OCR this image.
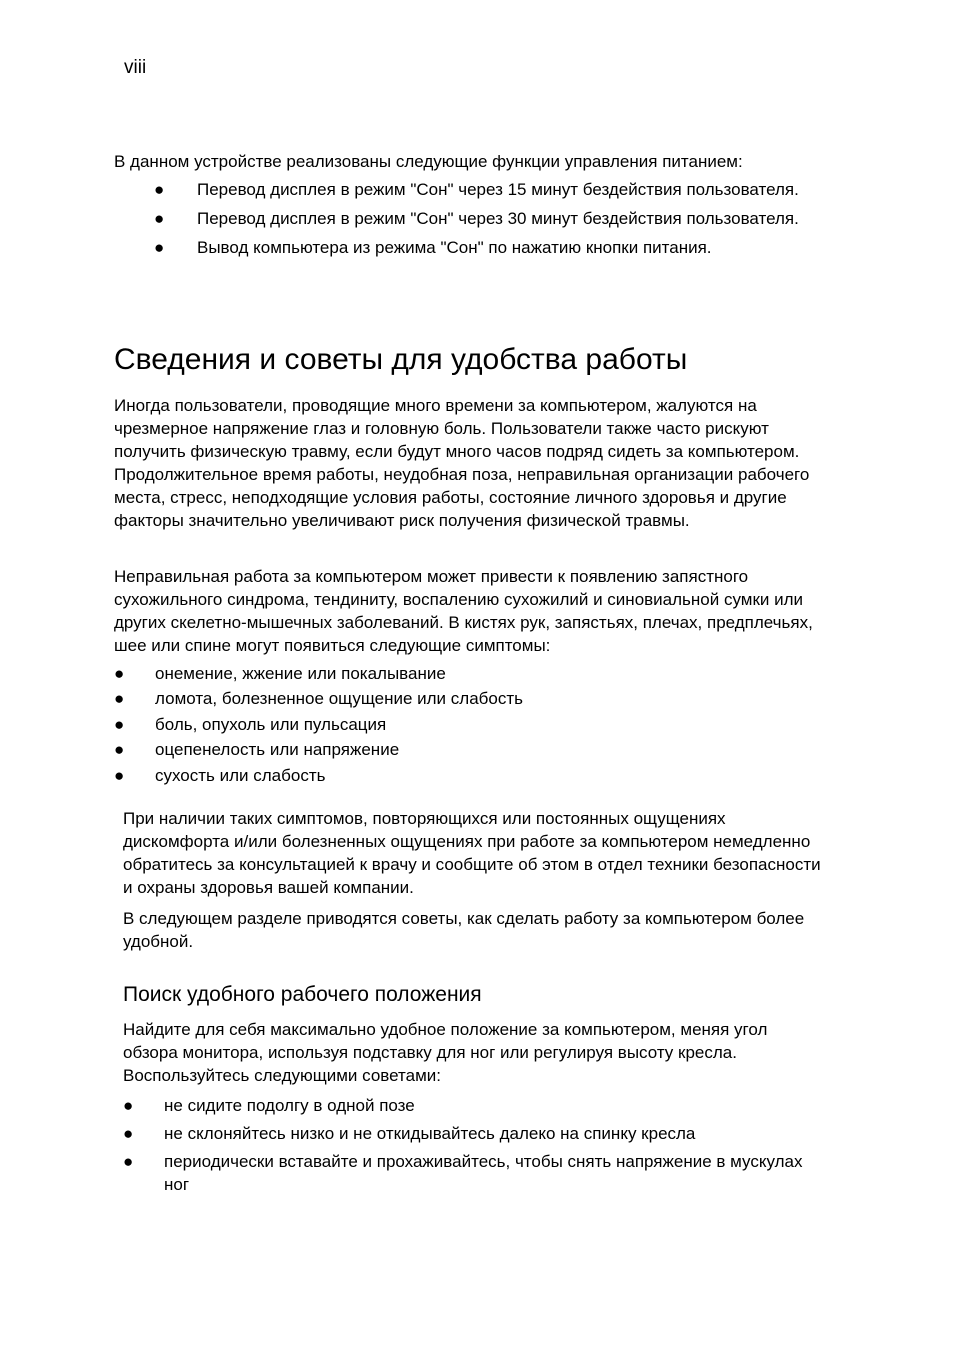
viii

В данном устройстве реализованы следующие функции управления питанием:

● Перевод дисплея в режим "Сон" через 15 минут бездействия пользователя.
● Перевод дисплея в режим "Сон" через 30 минут бездействия пользователя.
● Вывод компьютера из режима "Сон" по нажатию кнопки питания.
Сведения и советы для удобства работы

Иногда пользователи, проводящие много времени за компьютером, жалуются на чрезмерное напряжение глаз и головную боль. Пользователи также часто рискуют получить физическую травму, если будут много часов подряд сидеть за компьютером. Продолжительное время работы, неудобная поза, неправильная организации рабочего места, стресс, неподходящие условия работы, состояние личного здоровья и другие факторы значительно увеличивают риск получения физической травмы.

Неправильная работа за компьютером может привести к появлению запястного сухожильного синдрома, тендиниту, воспалению сухожилий и синовиальной сумки или других скелетно-мышечных заболеваний. В кистях рук, запястьях, плечах, предплечьях, шее или спине могут появиться следующие симптомы:

● онемение, жжение или покалывание
● ломота, болезненное ощущение или слабость
● боль, опухоль или пульсация
● оцепенелость или напряжение
● сухость или слабость

При наличии таких симптомов, повторяющихся или постоянных ощущениях дискомфорта и/или болезненных ощущениях при работе за компьютером немедленно обратитесь за консультацией к врачу и сообщите об этом в отдел техники безопасности и охраны здоровья вашей компании.

В следующем разделе приводятся советы, как сделать работу за компьютером более удобной.

Поиск удобного рабочего положения

Найдите для себя максимально удобное положение за компьютером, меняя угол обзора монитора, используя подставку для ног или регулируя высоту кресла. Воспользуйтесь следующими советами:

● не сидите подолгу в одной позе
● не склоняйтесь низко и не откидывайтесь далеко на спинку кресла
● периодически вставайте и прохаживайтесь, чтобы снять напряжение в мускулах ног
